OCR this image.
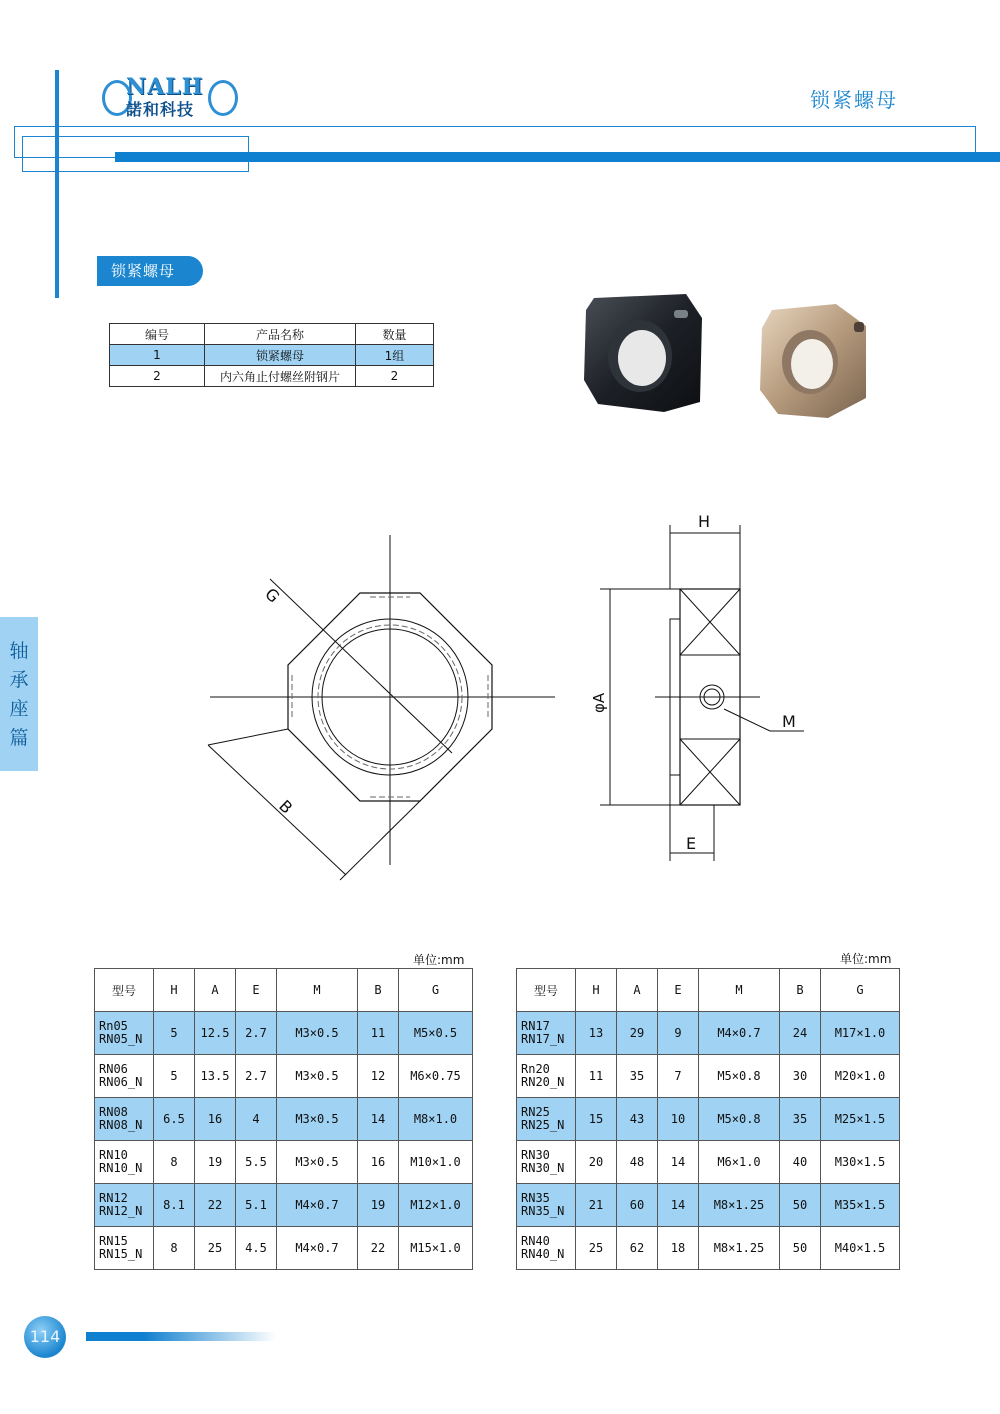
NALH
諾和科技	锁紧螺母
锁紧螺母
轴
承
座
篇
编号	产品名称	数量
1	锁紧螺母	1组
2	内六角止付螺丝附钢片	2
G
B
H
φA
M
E
单位:mm	单位:mm
型号	H	A	E	M	B	G

Rn05
RN05_N	5	12.5	2.7	M3×0.5	11	M5×0.5

RN06
RN06_N	5	13.5	2.7	M3×0.5	12	M6×0.75

RN08
RN08_N	6.5	16	4	M3×0.5	14	M8×1.0

RN10
RN10_N	8	19	5.5	M3×0.5	16	M10×1.0

RN12
RN12_N	8.1	22	5.1	M4×0.7	19	M12×1.0

RN15
RN15_N	8	25	4.5	M4×0.7	22	M15×1.0
型号	H	A	E	M	B	G

RN17
RN17_N	13	29	9	M4×0.7	24	M17×1.0

Rn20
RN20_N	11	35	7	M5×0.8	30	M20×1.0

RN25
RN25_N	15	43	10	M5×0.8	35	M25×1.5

RN30
RN30_N	20	48	14	M6×1.0	40	M30×1.5

RN35
RN35_N	21	60	14	M8×1.25	50	M35×1.5

RN40
RN40_N	25	62	18	M8×1.25	50	M40×1.5
114
